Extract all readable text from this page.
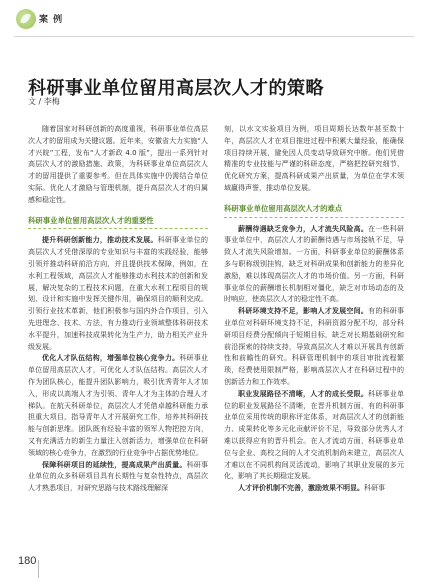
案 例
科研事业单位留用高层次人才的策略
文 / 李梅

随着国家对科研创新的高度重视，科研事业单位高层次人才的留用成为关键议题。近年来，安徽省大力实施“人才兴皖”工程，发布“人才新政 4.0 版”，提出一系列针对高层次人才的激励措施、政策，为科研事业单位高层次人才的留用提供了重要参考。但在具体实施中仍需结合单位实际。优化人才激励与管理机制，提升高层次人才的归属感和稳定性。

科研事业单位留用高层次人才的重要性

提升科研创新能力，推动技术发展。科研事业单位的高层次人才凭借深厚的专业知识与丰富的实践经验，能够引领并推动科研前沿方向，并且提供技术保障，例如，在水利工程领域，高层次人才能够推动水利技术的创新和发展，解决复杂的工程技术问题，在重大水利工程项目的规划、设计和实施中发挥关键作用，确保项目的顺利完成。引领行业技术革新，他们积极参与国内外合作项目，引入先进理念、技术、方法，有力推动行业领域整体科研技术水平提升，加速科技成果转化为生产力，助力相关产业升级发展。

优化人才队伍结构，增强单位核心竞争力。科研事业单位留用高层次人才，可优化人才队伍结构。高层次人才作为团队核心，能提升团队影响力，吸引优秀青年人才加入，形成以高端人才为引领、青年人才为主体的合理人才梯队。在航天科研单位，高层次人才凭借卓越科研能力承担重大项目，指导青年人才开展研究工作，培养其科研技能与创新思维。团队既有经验丰富的领军人物把控方向，又有充满活力的新生力量注入创新活力，增强单位在科研领域的核心竞争力，在激烈的行业竞争中占据优势地位。

保障科研项目的延续性，提高成果产出质量。科研事业单位的众多科研项目具有长期性与复杂性特点，高层次人才熟悉项目，对研究思路与技术路线理解深

刻，以水文实验项目为例，项目周期长达数年甚至数十年，高层次人才在项目推进过程中积累大量经验，能确保项目持续开展，避免因人员变动导致研究中断。他们凭借精准的专业技能与严谨的科研态度，严格把控研究细节，优化研究方案，提高科研成果产出质量，为单位在学术领域赢得声誉，推动单位发展。

科研事业单位留用高层次人才的难点

薪酬待遇缺乏竞争力，人才流失风险高。在一些科研事业单位中，高层次人才的薪酬待遇与市场接轨不足，导致人才流失风险增加。一方面，科研事业单位的薪酬体系多与职称级别挂钩，缺乏对科研成果和创新能力的差异化激励，难以体现高层次人才的市场价值。另一方面，科研事业单位的薪酬增长机制相对僵化，缺乏对市场动态的及时响应，使高层次人才的稳定性不高。

科研环境支持不足，影响人才发展空间。有的科研事业单位对科研环境支持不足，科研资源分配不均，部分科研项目经费分配倾向于短期目标，缺乏对长期基础研究和前沿探索的持续支持，导致高层次人才难以开展具有创新性和前瞻性的研究。科研管理机制中的项目审批流程繁琐，经费使用限制严格，影响高层次人才在科研过程中的创新活力和工作效率。

职业发展路径不清晰，人才的成长受限。科研事业单位的职业发展路径不清晰，在晋升机制方面，有的科研事业单位采用传统的职称评定体系，对高层次人才的创新能力、成果转化等多元化贡献评价不足，导致部分优秀人才难以获得应有的晋升机会。在人才流动方面，科研事业单位与企业、高校之间的人才交流机制尚未建立，高层次人才难以在不同机构间灵活流动，影响了其职业发展的多元化，影响了其长期稳定发展。

人才评价机制不完善，激励效果不明显。科研事

180
